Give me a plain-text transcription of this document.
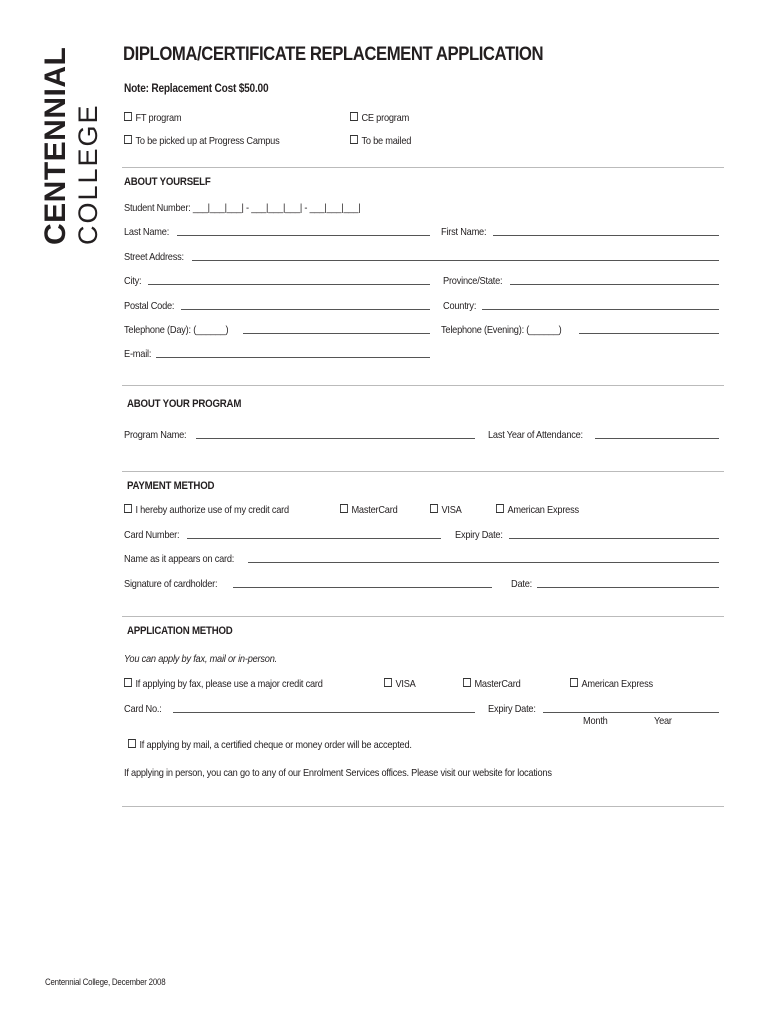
CENTENNIAL COLLEGE
DIPLOMA/CERTIFICATE REPLACEMENT APPLICATION
Note: Replacement Cost $50.00
FT program	CE program
To be picked up at Progress Campus	To be mailed
ABOUT YOURSELF
Student Number: ___|___|___| - ___|___|___| - ___|___|___|
Last Name:	First Name:
Street Address:
City:	Province/State:
Postal Code:	Country:
Telephone (Day): (______)	Telephone (Evening): (______)
E-mail:
ABOUT YOUR PROGRAM
Program Name:	Last Year of Attendance:
PAYMENT METHOD
I hereby authorize use of my credit card	MasterCard	VISA	American Express
Card Number:	Expiry Date:
Name as it appears on card:
Signature of cardholder:	Date:
APPLICATION METHOD
You can apply by fax, mail or in-person.
If applying by fax, please use a major credit card	VISA	MasterCard	American Express
Card No.:	Expiry Date:
Month	Year
If applying by mail, a certified cheque or money order will be accepted.
If applying in person, you can go to any of our Enrolment Services offices. Please visit our website for locations
Centennial College, December 2008
